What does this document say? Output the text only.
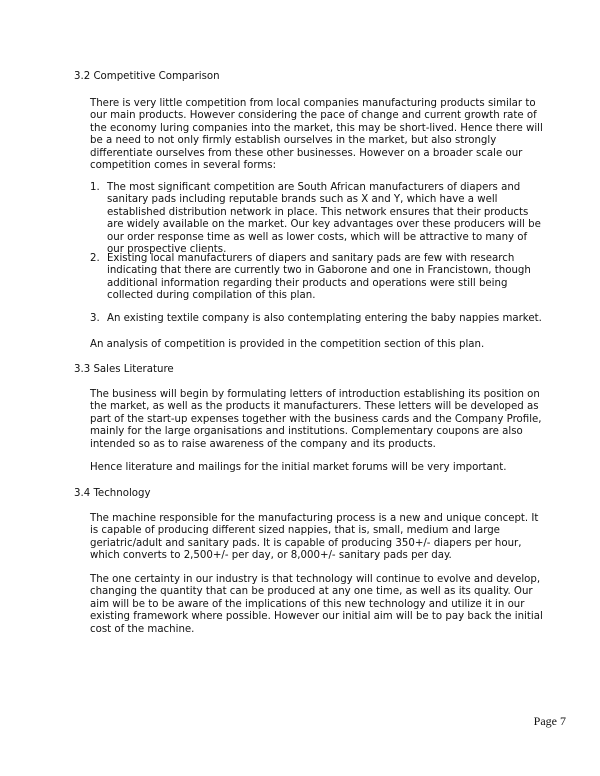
3.2 Competitive Comparison

There is very little competition from local companies manufacturing products similar to our main products. However considering the pace of change and current growth rate of the economy luring companies into the market, this may be short-lived. Hence there will be a need to not only firmly establish ourselves in the market, but also strongly differentiate ourselves from these other businesses. However on a broader scale our competition comes in several forms:

1. The most significant competition are South African manufacturers of diapers and sanitary pads including reputable brands such as X and Y, which have a well established distribution network in place. This network ensures that their products are widely available on the market. Our key advantages over these producers will be our order response time as well as lower costs, which will be attractive to many of our prospective clients.
2. Existing local manufacturers of diapers and sanitary pads are few with research indicating that there are currently two in Gaborone and one in Francistown, though additional information regarding their products and operations were still being collected during compilation of this plan.
3. An existing textile company is also contemplating entering the baby nappies market.

An analysis of competition is provided in the competition section of this plan.

3.3 Sales Literature

The business will begin by formulating letters of introduction establishing its position on the market, as well as the products it manufacturers. These letters will be developed as part of the start-up expenses together with the business cards and the Company Profile, mainly for the large organisations and institutions. Complementary coupons are also intended so as to raise awareness of the company and its products.

Hence literature and mailings for the initial market forums will be very important.

3.4 Technology

The machine responsible for the manufacturing process is a new and unique concept. It is capable of producing different sized nappies, that is, small, medium and large geriatric/adult and sanitary pads. It is capable of producing 350+/- diapers per hour, which converts to 2,500+/- per day, or 8,000+/- sanitary pads per day.

The one certainty in our industry is that technology will continue to evolve and develop, changing the quantity that can be produced at any one time, as well as its quality. Our aim will be to be aware of the implications of this new technology and utilize it in our existing framework where possible. However our initial aim will be to pay back the initial cost of the machine.

Page 7
